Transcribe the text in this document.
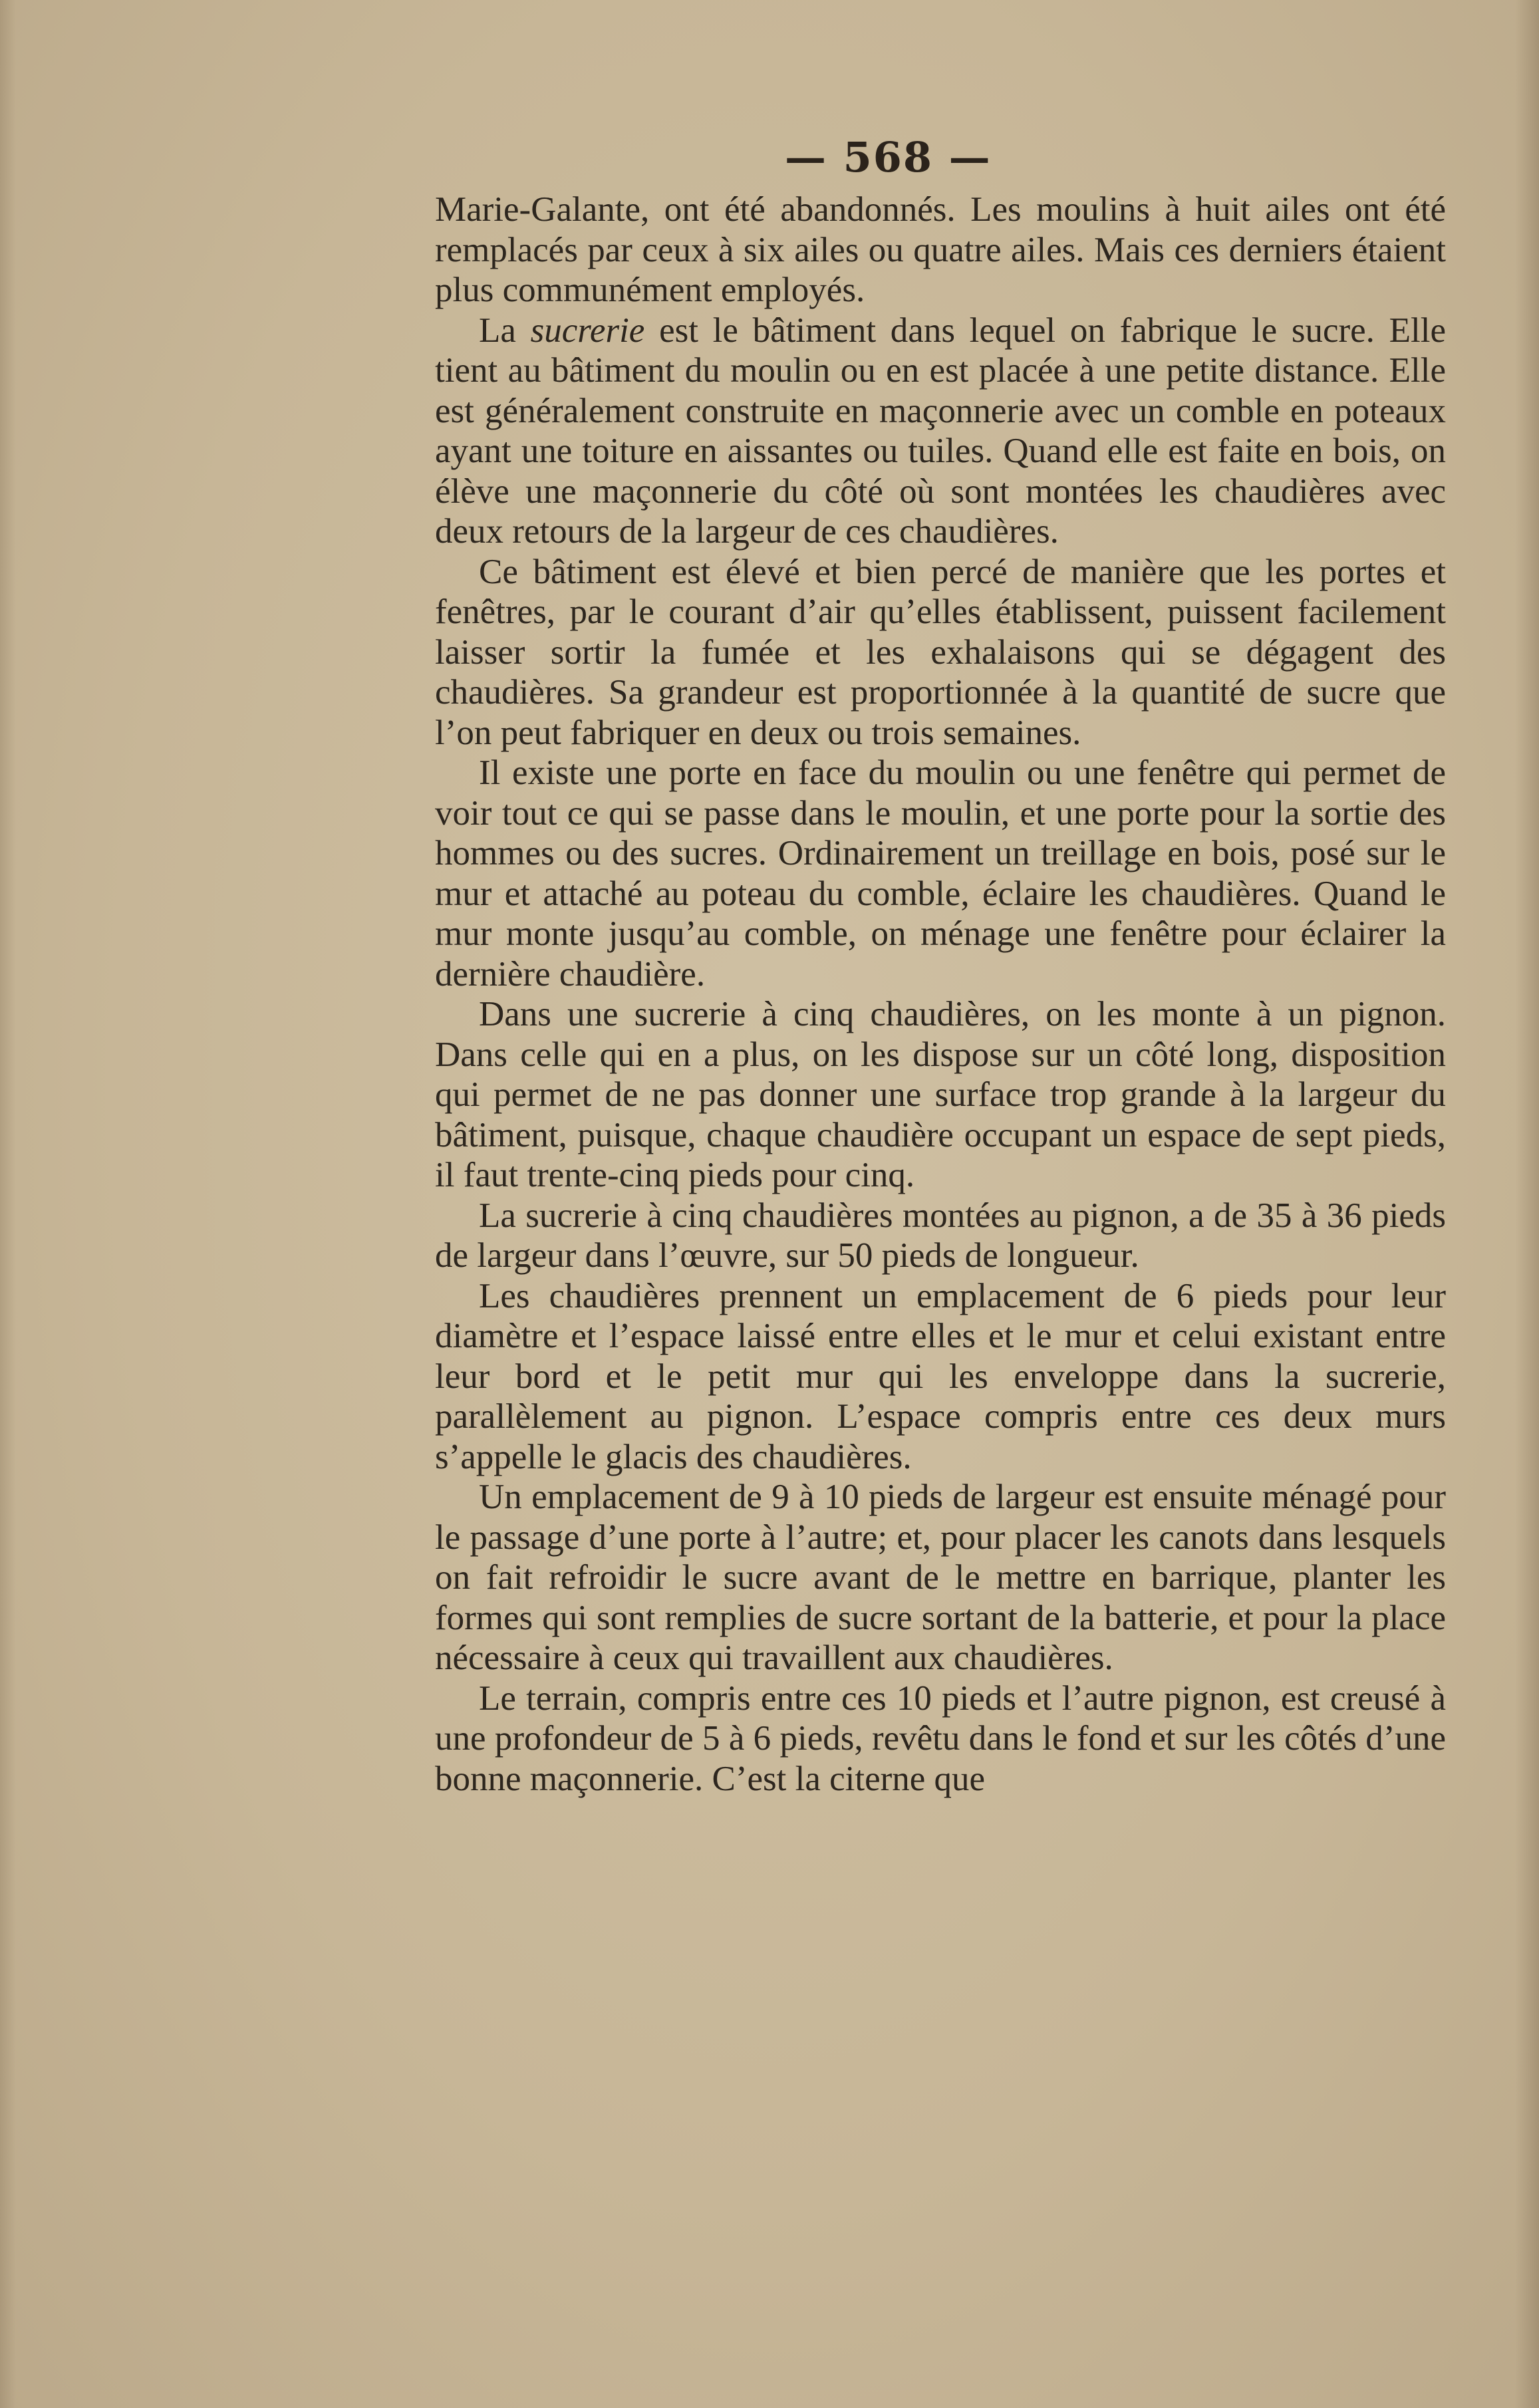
— 568 —

Marie-Galante, ont été abandonnés. Les moulins à huit ailes ont été remplacés par ceux à six ailes ou quatre ailes. Mais ces derniers étaient plus communément employés.

La sucrerie est le bâtiment dans lequel on fabrique le sucre. Elle tient au bâtiment du moulin ou en est placée à une petite distance. Elle est généralement construite en maçonnerie avec un comble en poteaux ayant une toiture en aissantes ou tuiles. Quand elle est faite en bois, on élève une maçonnerie du côté où sont montées les chaudières avec deux retours de la largeur de ces chaudières.

Ce bâtiment est élevé et bien percé de manière que les portes et fenêtres, par le courant d’air qu’elles établissent, puissent facilement laisser sortir la fumée et les exhalaisons qui se dégagent des chaudières. Sa grandeur est proportionnée à la quantité de sucre que l’on peut fabriquer en deux ou trois semaines.

Il existe une porte en face du moulin ou une fenêtre qui permet de voir tout ce qui se passe dans le moulin, et une porte pour la sortie des hommes ou des sucres. Ordinairement un treillage en bois, posé sur le mur et attaché au poteau du comble, éclaire les chaudières. Quand le mur monte jusqu’au comble, on ménage une fenêtre pour éclairer la dernière chaudière.

Dans une sucrerie à cinq chaudières, on les monte à un pignon. Dans celle qui en a plus, on les dispose sur un côté long, disposition qui permet de ne pas donner une surface trop grande à la largeur du bâtiment, puisque, chaque chaudière occupant un espace de sept pieds, il faut trente-cinq pieds pour cinq.

La sucrerie à cinq chaudières montées au pignon, a de 35 à 36 pieds de largeur dans l’œuvre, sur 50 pieds de longueur.

Les chaudières prennent un emplacement de 6 pieds pour leur diamètre et l’espace laissé entre elles et le mur et celui existant entre leur bord et le petit mur qui les enveloppe dans la sucrerie, parallèlement au pignon. L’espace compris entre ces deux murs s’appelle le glacis des chaudières.

Un emplacement de 9 à 10 pieds de largeur est ensuite ménagé pour le passage d’une porte à l’autre; et, pour placer les canots dans lesquels on fait refroidir le sucre avant de le mettre en barrique, planter les formes qui sont remplies de sucre sortant de la batterie, et pour la place nécessaire à ceux qui travaillent aux chaudières.

Le terrain, compris entre ces 10 pieds et l’autre pignon, est creusé à une profondeur de 5 à 6 pieds, revêtu dans le fond et sur les côtés d’une bonne maçonnerie. C’est la citerne que
